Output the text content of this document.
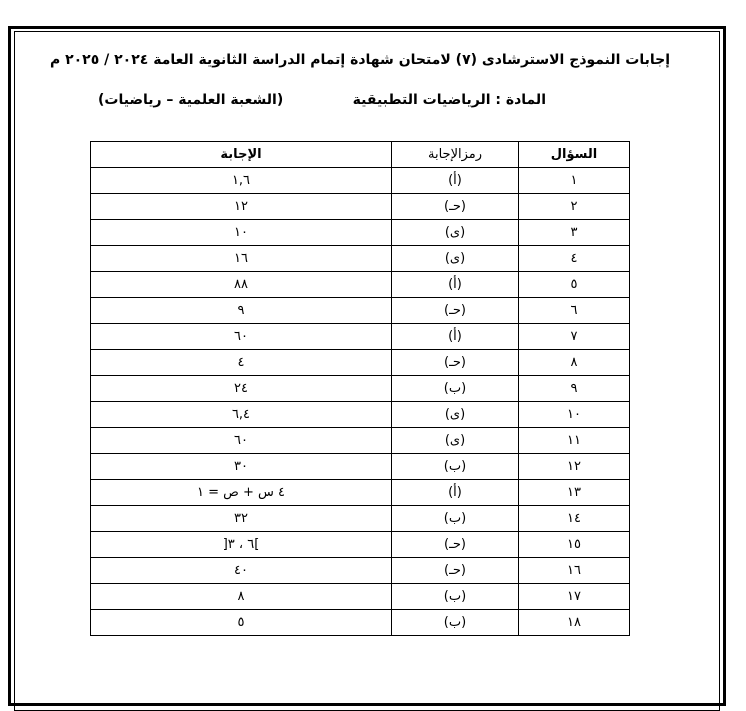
إجابات النموذج الاسترشادى (٧) لامتحان شهادة إتمام الدراسة الثانوية العامة ٢٠٢٤ / ٢٠٢٥ م
المادة : الرياضيات التطبيقية
(الشعبة العلمية – رياضيات)
السؤال	رمزالإجابة	الإجابة
١	(أ)	١,٦
٢	(حـ)	١٢
٣	(ى)	١٠
٤	(ى)	١٦
٥	(أ)	٨٨
٦	(حـ)	٩
٧	(أ)	٦٠
٨	(حـ)	٤
٩	(ب)	٢٤
١٠	(ى)	٦,٤
١١	(ى)	٦٠
١٢	(ب)	٣٠
١٣	(أ)	٤ س + ص = ١
١٤	(ب)	٣٢
١٥	(حـ)	]٦ ، ٣[
١٦	(حـ)	٤٠
١٧	(ب)	٨
١٨	(ب)	٥
